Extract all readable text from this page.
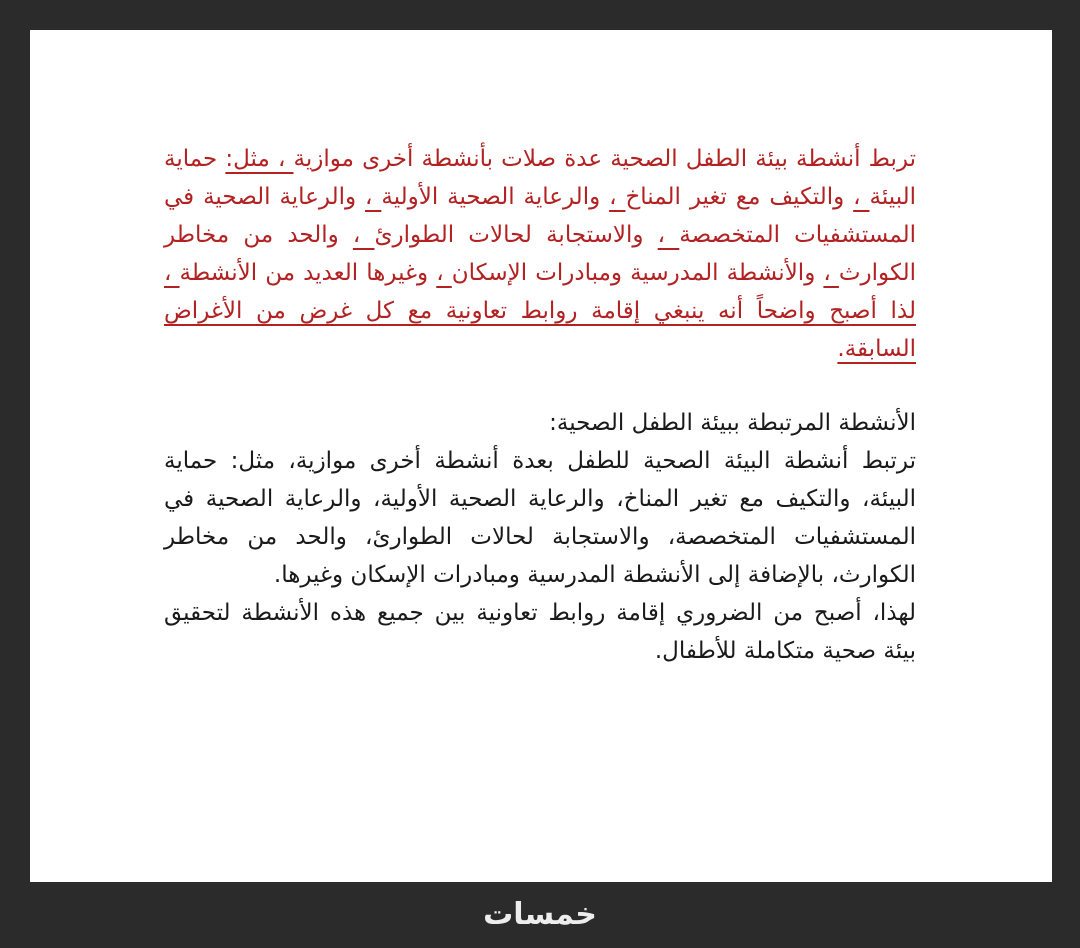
تربط أنشطة بيئة الطفل الصحية عدة صلات بأنشطة أخرى موازية ، مثل: حماية البيئة ، والتكيف مع تغير المناخ ، والرعاية الصحية الأولية ، والرعاية الصحية في المستشفيات المتخصصة ، والاستجابة لحالات الطوارئ ، والحد من مخاطر الكوارث ، والأنشطة المدرسية ومبادرات الإسكان ، وغيرها العديد من الأنشطة ، لذا أصبح واضحاً أنه ينبغي إقامة روابط تعاونية مع كل غرض من الأغراض السابقة.

الأنشطة المرتبطة ببيئة الطفل الصحية:

ترتبط أنشطة البيئة الصحية للطفل بعدة أنشطة أخرى موازية، مثل: حماية البيئة، والتكيف مع تغير المناخ، والرعاية الصحية الأولية، والرعاية الصحية في المستشفيات المتخصصة، والاستجابة لحالات الطوارئ، والحد من مخاطر الكوارث، بالإضافة إلى الأنشطة المدرسية ومبادرات الإسكان وغيرها.

لهذا، أصبح من الضروري إقامة روابط تعاونية بين جميع هذه الأنشطة لتحقيق بيئة صحية متكاملة للأطفال.

خمسات
